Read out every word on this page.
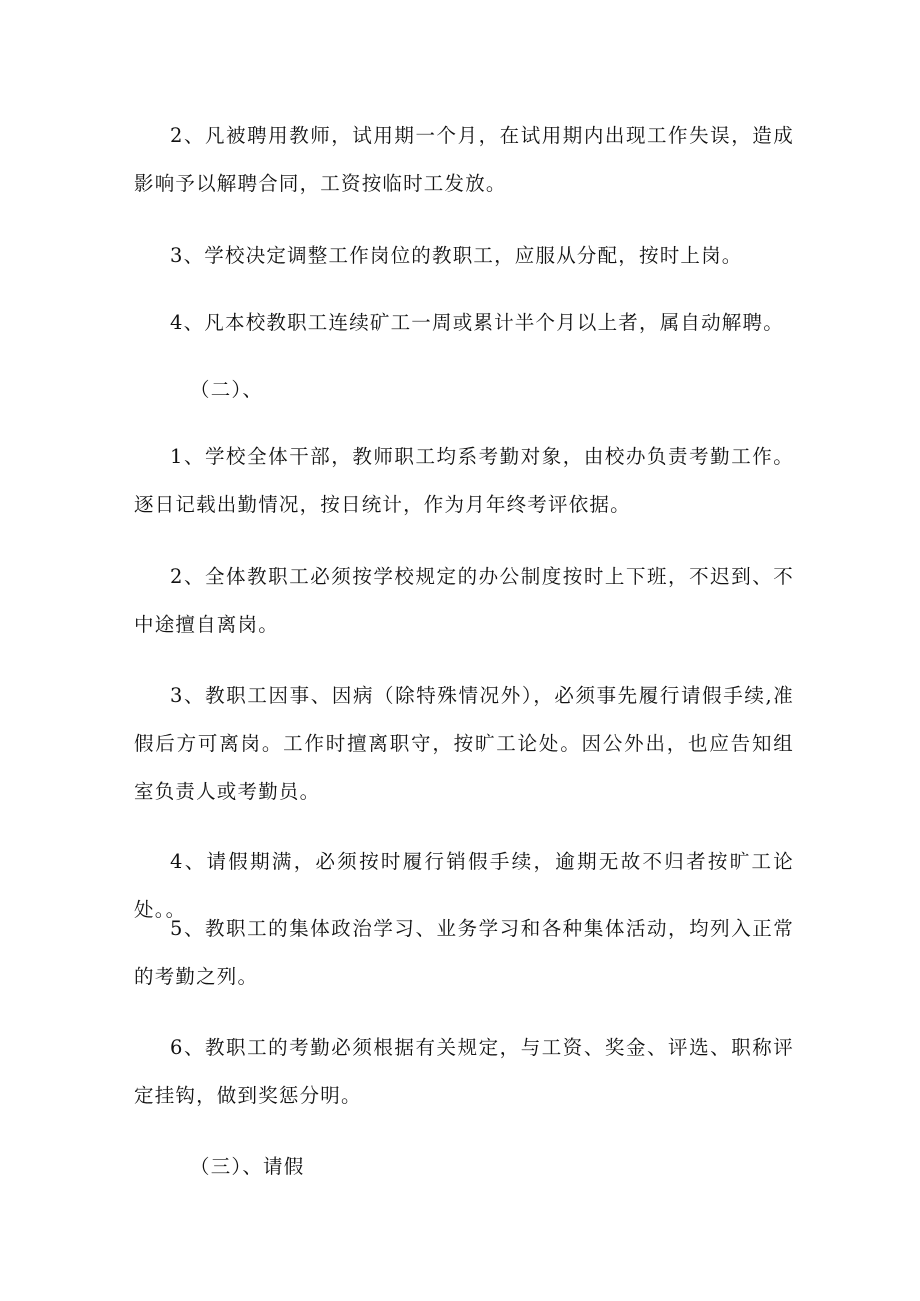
2、凡被聘用教师，试用期一个月，在试用期内出现工作失误，造成影响予以解聘合同，工资按临时工发放。

3、学校决定调整工作岗位的教职工，应服从分配，按时上岗。

4、凡本校教职工连续矿工一周或累计半个月以上者，属自动解聘。

（二）、

1、学校全体干部，教师职工均系考勤对象，由校办负责考勤工作。逐日记载出勤情况，按日统计，作为月年终考评依据。

2、全体教职工必须按学校规定的办公制度按时上下班，不迟到、不中途擅自离岗。

3、教职工因事、因病（除特殊情况外），必须事先履行请假手续,准假后方可离岗。工作时擅离职守，按旷工论处。因公外出，也应告知组室负责人或考勤员。

4、请假期满，必须按时履行销假手续，逾期无故不归者按旷工论处。。

5、教职工的集体政治学习、业务学习和各种集体活动，均列入正常的考勤之列。

6、教职工的考勤必须根据有关规定，与工资、奖金、评选、职称评定挂钩，做到奖惩分明。

（三）、请假
